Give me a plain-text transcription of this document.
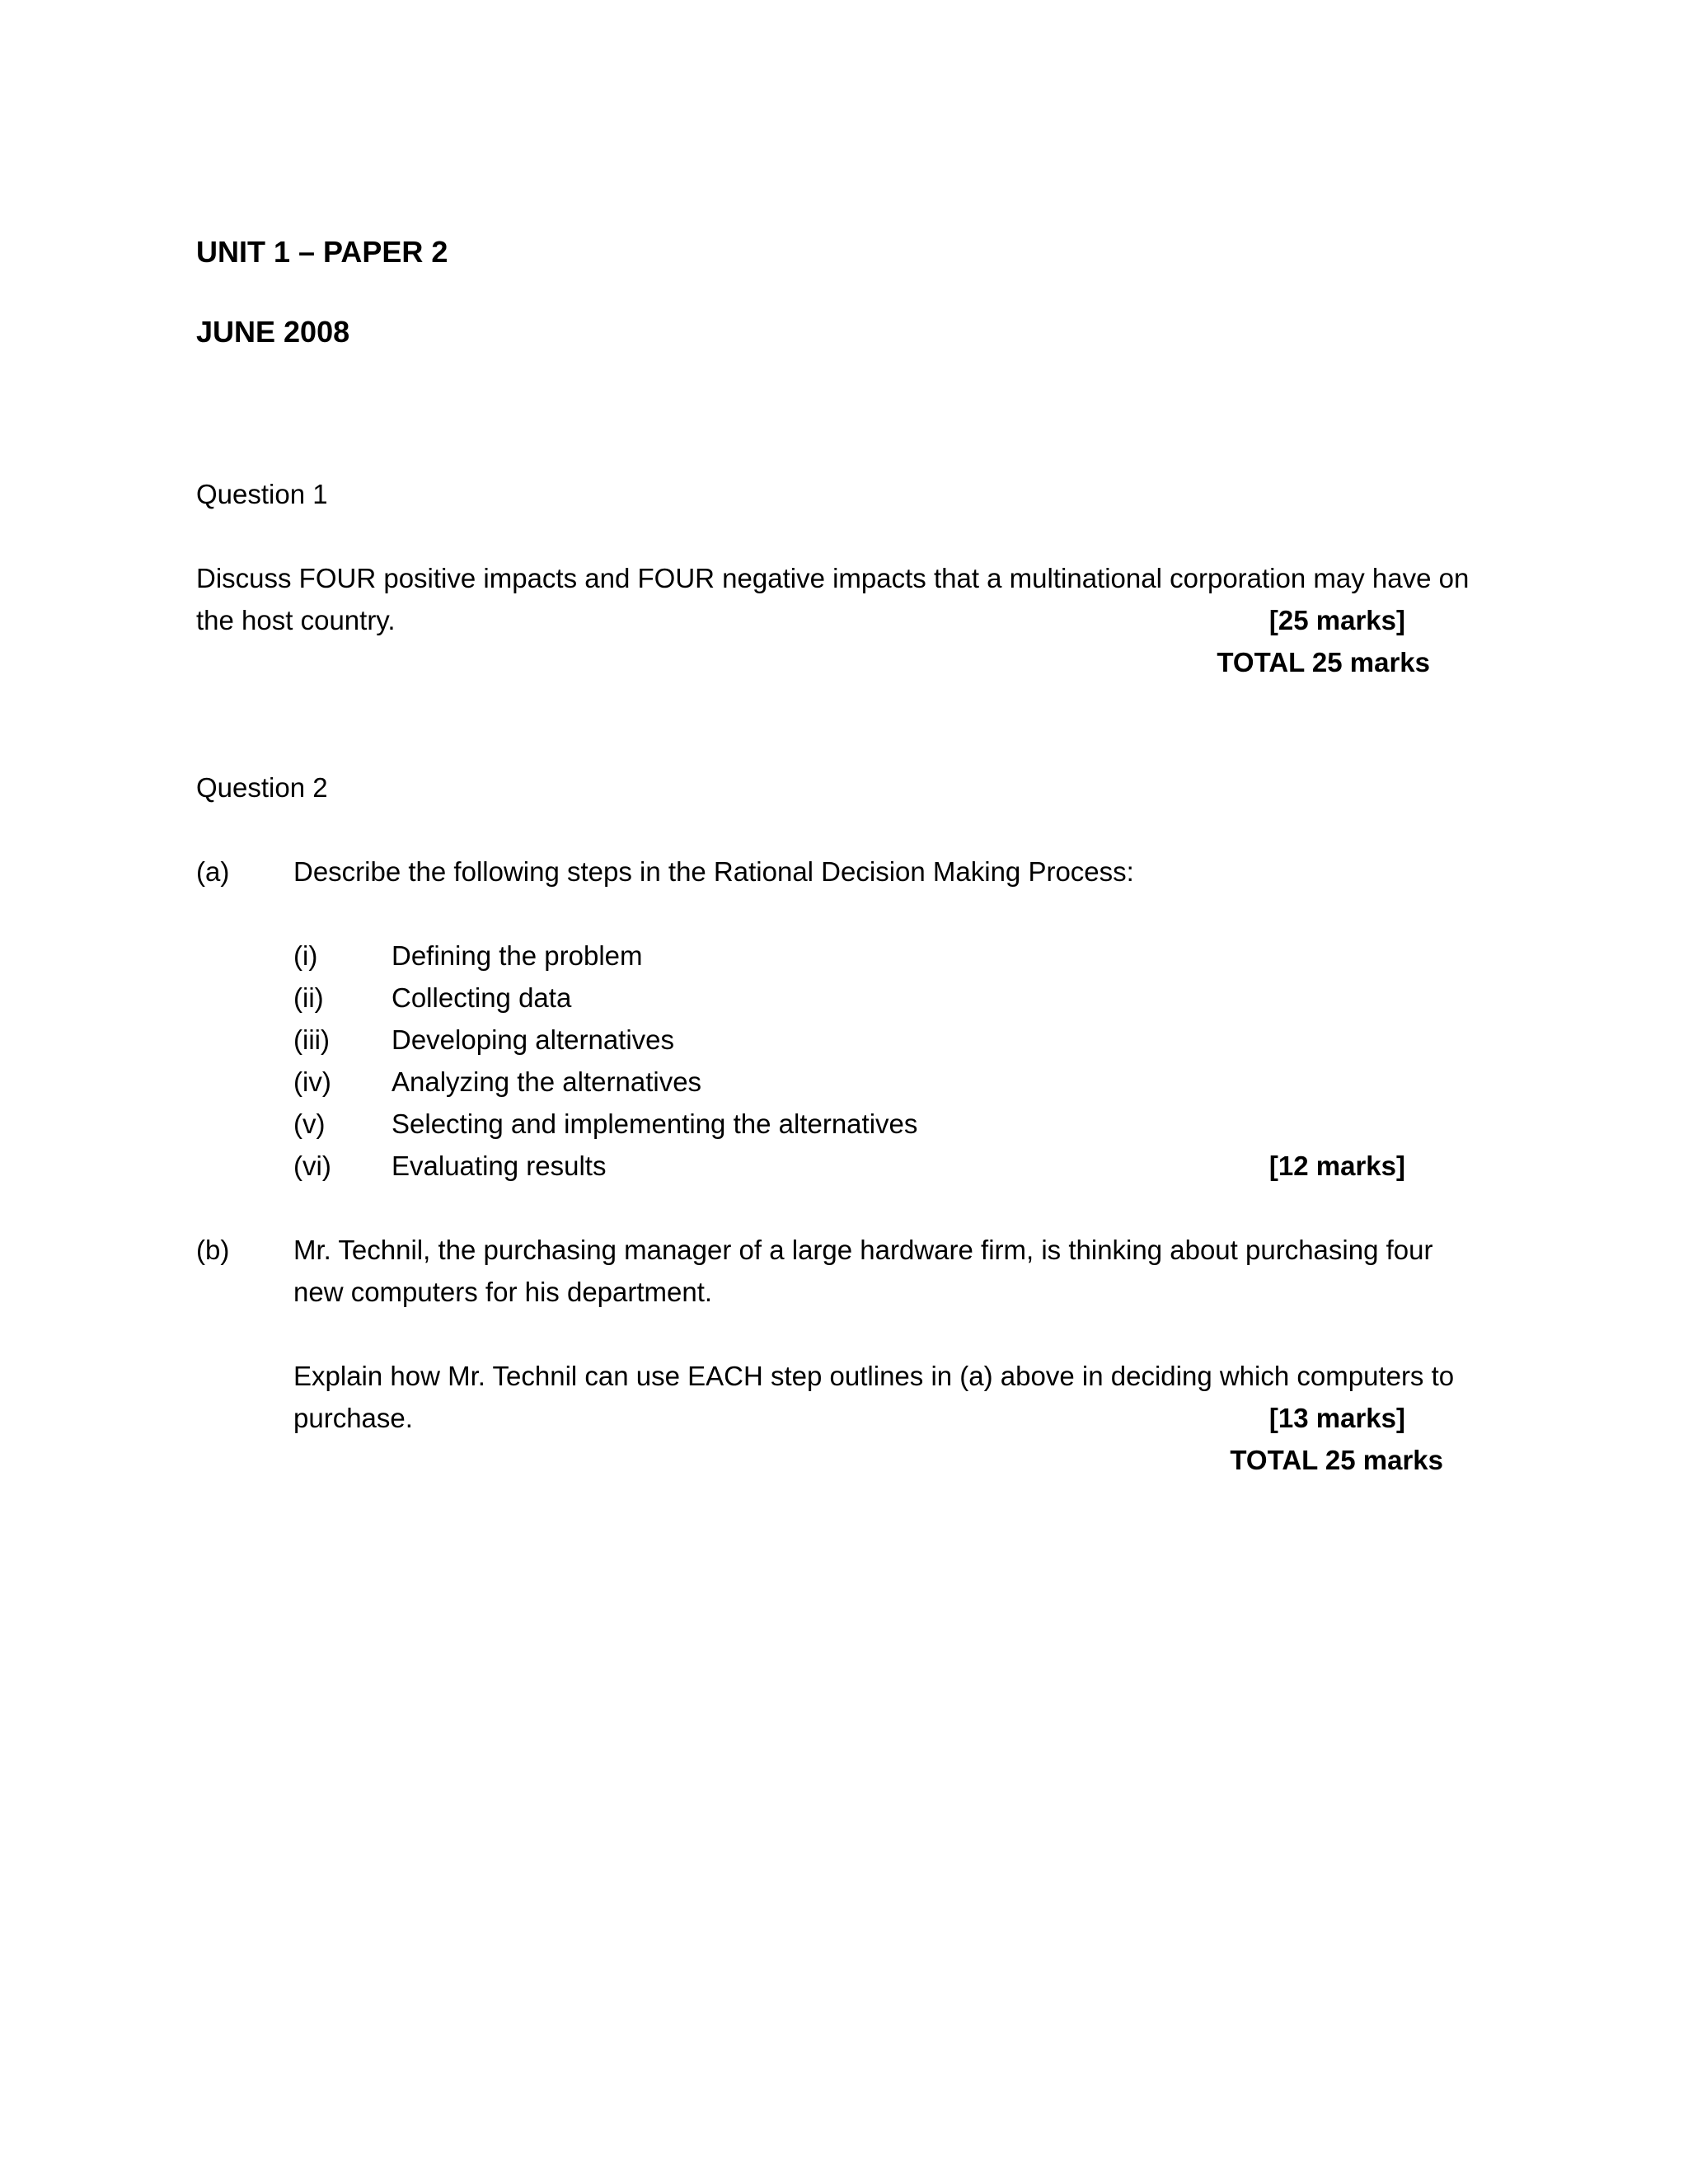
UNIT 1 – PAPER 2
JUNE 2008
Question 1
Discuss FOUR positive impacts and FOUR negative impacts that a multinational corporation may have on
the host country.	[25 marks]
TOTAL 25 marks
Question 2
(a) Describe the following steps in the Rational Decision Making Process:
(i)	Defining the problem
(ii) Collecting data
(iii) Developing alternatives
(iv) Analyzing the alternatives
(v) Selecting and implementing the alternatives
(vi) Evaluating results	[12 marks]
(b) Mr. Technil, the purchasing manager of a large hardware firm, is thinking about purchasing four
new computers for his department.
Explain how Mr. Technil can use EACH step outlines in (a) above in deciding which computers to
purchase.	[13 marks]
TOTAL 25 marks
